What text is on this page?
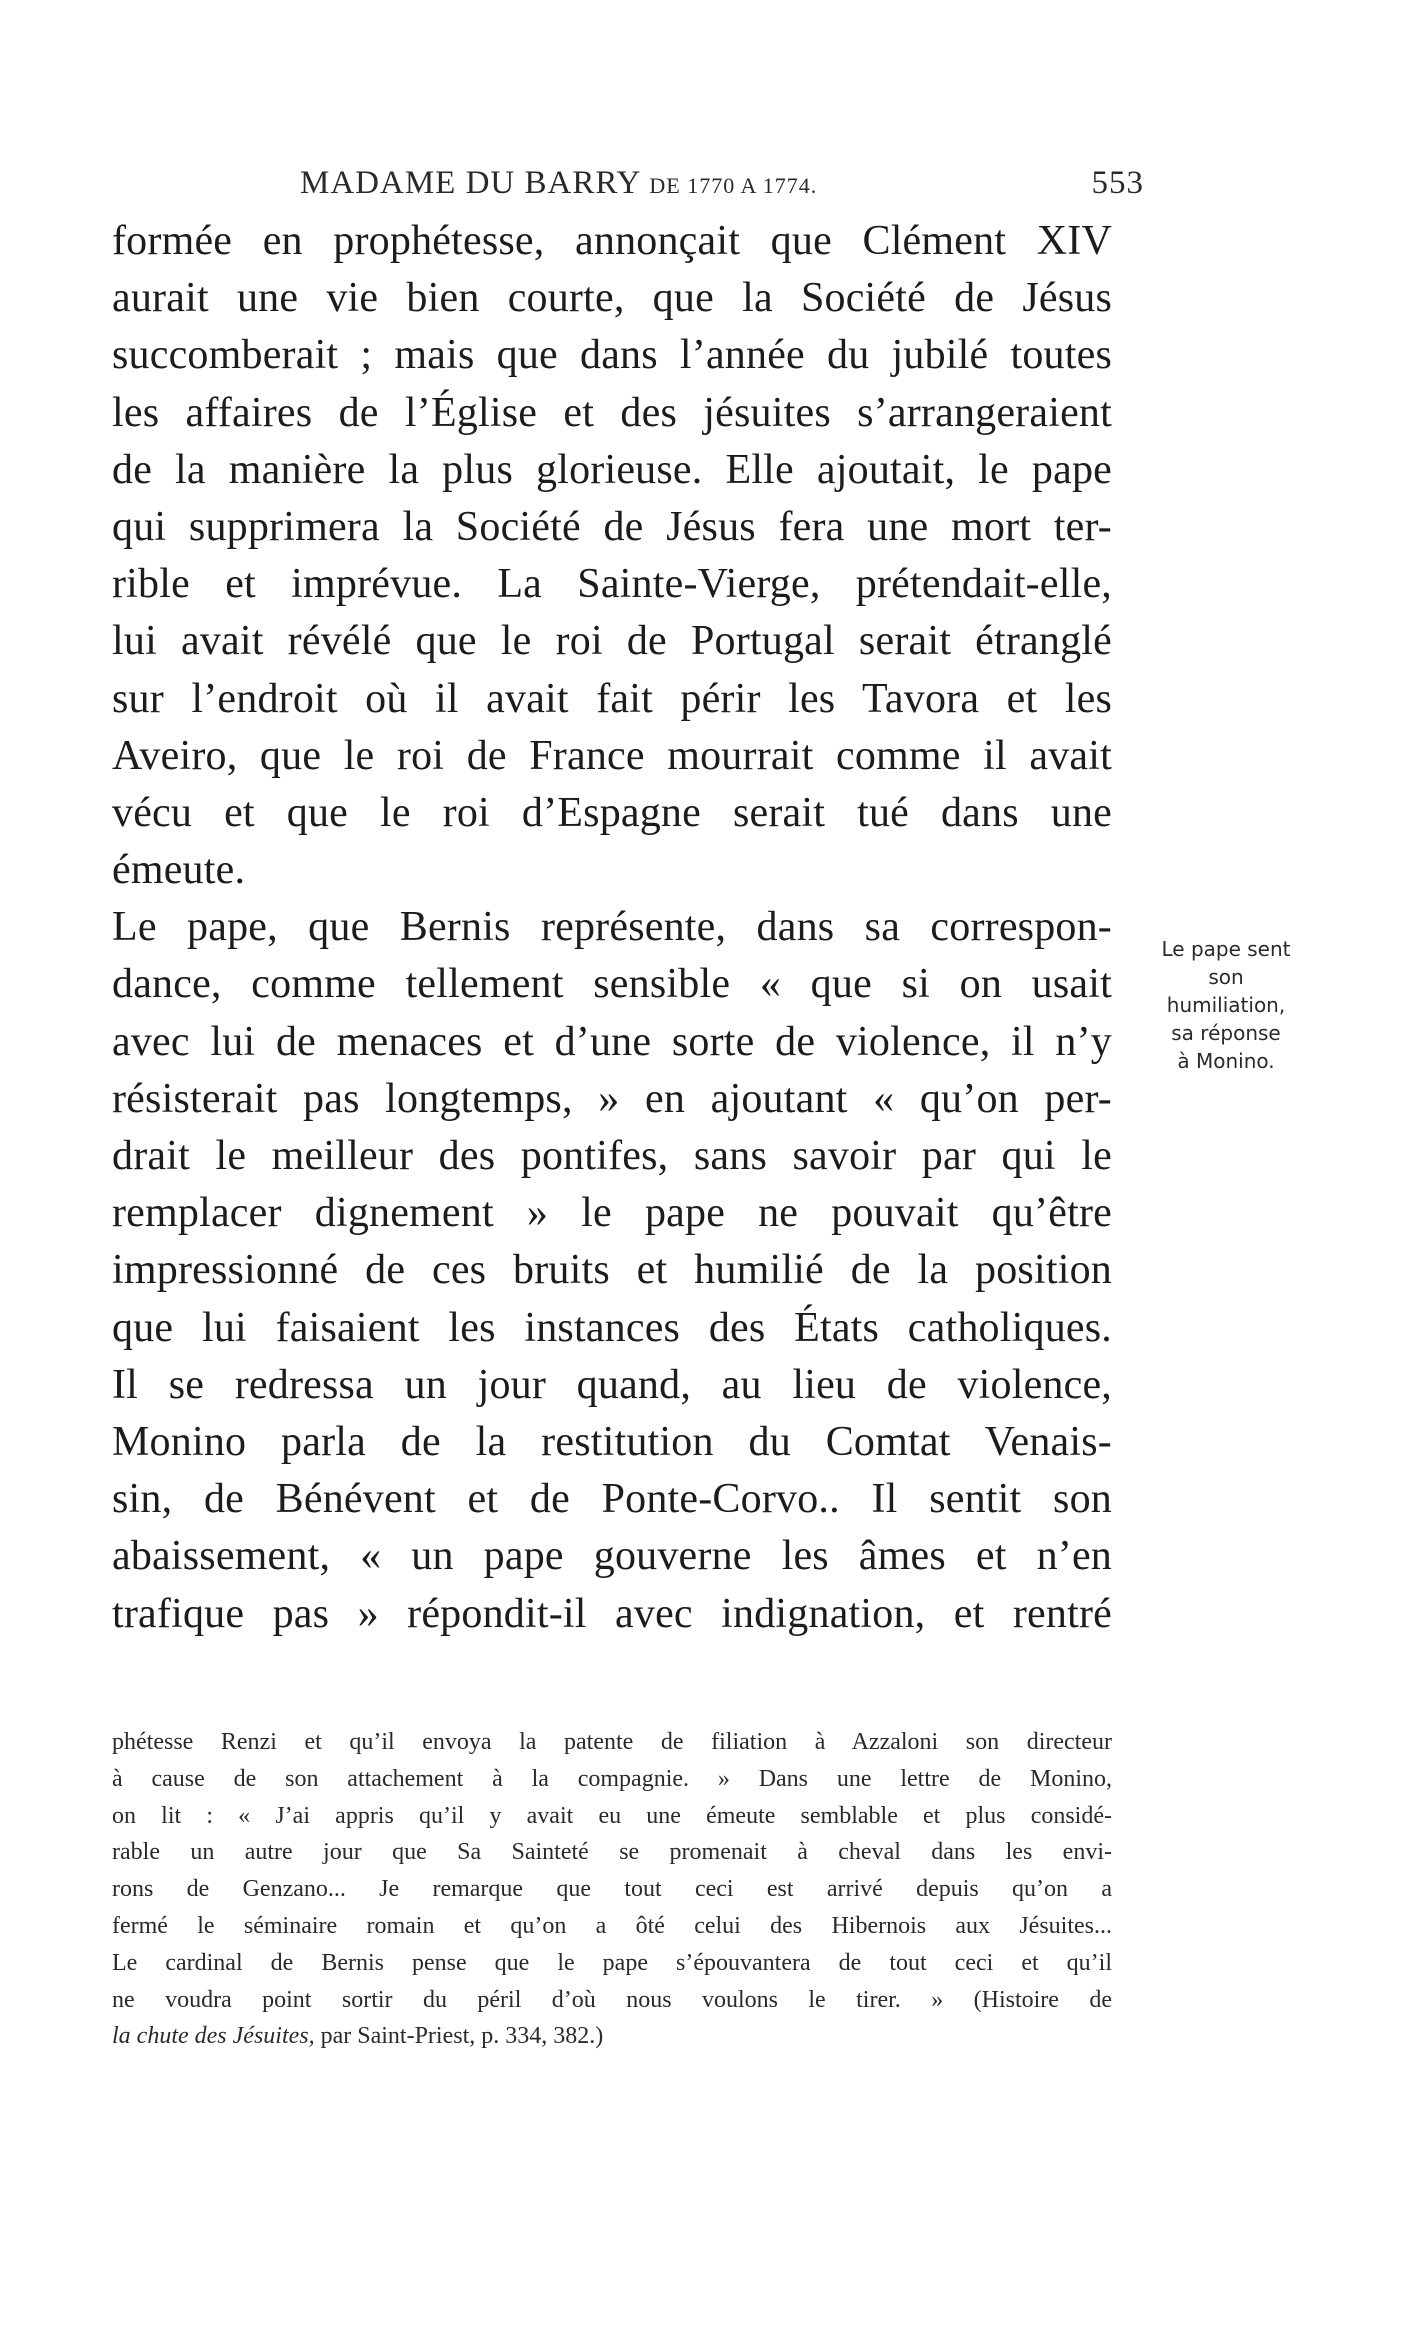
MADAME DU BARRY DE 1770 A 1774.	553
formée en prophétesse, annonçait que Clément XIV
aurait une vie bien courte, que la Société de Jésus
succomberait ; mais que dans l’année du jubilé toutes
les affaires de l’Église et des jésuites s’arrangeraient
de la manière la plus glorieuse. Elle ajoutait, le pape
qui supprimera la Société de Jésus fera une mort ter-
rible et imprévue. La Sainte-Vierge, prétendait-elle,
lui avait révélé que le roi de Portugal serait étranglé
sur l’endroit où il avait fait périr les Tavora et les
Aveiro, que le roi de France mourrait comme il avait
vécu et que le roi d’Espagne serait tué dans une
émeute.
Le pape, que Bernis représente, dans sa correspon-
dance, comme tellement sensible « que si on usait
avec lui de menaces et d’une sorte de violence, il n’y
résisterait pas longtemps, » en ajoutant « qu’on per-
drait le meilleur des pontifes, sans savoir par qui le
remplacer dignement » le pape ne pouvait qu’être
impressionné de ces bruits et humilié de la position
que lui faisaient les instances des États catholiques.
Il se redressa un jour quand, au lieu de violence,
Monino parla de la restitution du Comtat Venais-
sin, de Bénévent et de Ponte-Corvo.. Il sentit son
abaissement, « un pape gouverne les âmes et n’en
trafique pas » répondit-il avec indignation, et rentré
Le pape sent
son
humiliation,
sa réponse
à Monino.
phétesse Renzi et qu’il envoya la patente de filiation à Azzaloni son directeur
à cause de son attachement à la compagnie. » Dans une lettre de Monino,
on lit : « J’ai appris qu’il y avait eu une émeute semblable et plus considé-
rable un autre jour que Sa Sainteté se promenait à cheval dans les envi-
rons de Genzano... Je remarque que tout ceci est arrivé depuis qu’on a
fermé le séminaire romain et qu’on a ôté celui des Hibernois aux Jésuites...
Le cardinal de Bernis pense que le pape s’épouvantera de tout ceci et qu’il
ne voudra point sortir du péril d’où nous voulons le tirer. » (Histoire de
la chute des Jésuites, par Saint-Priest, p. 334, 382.)
